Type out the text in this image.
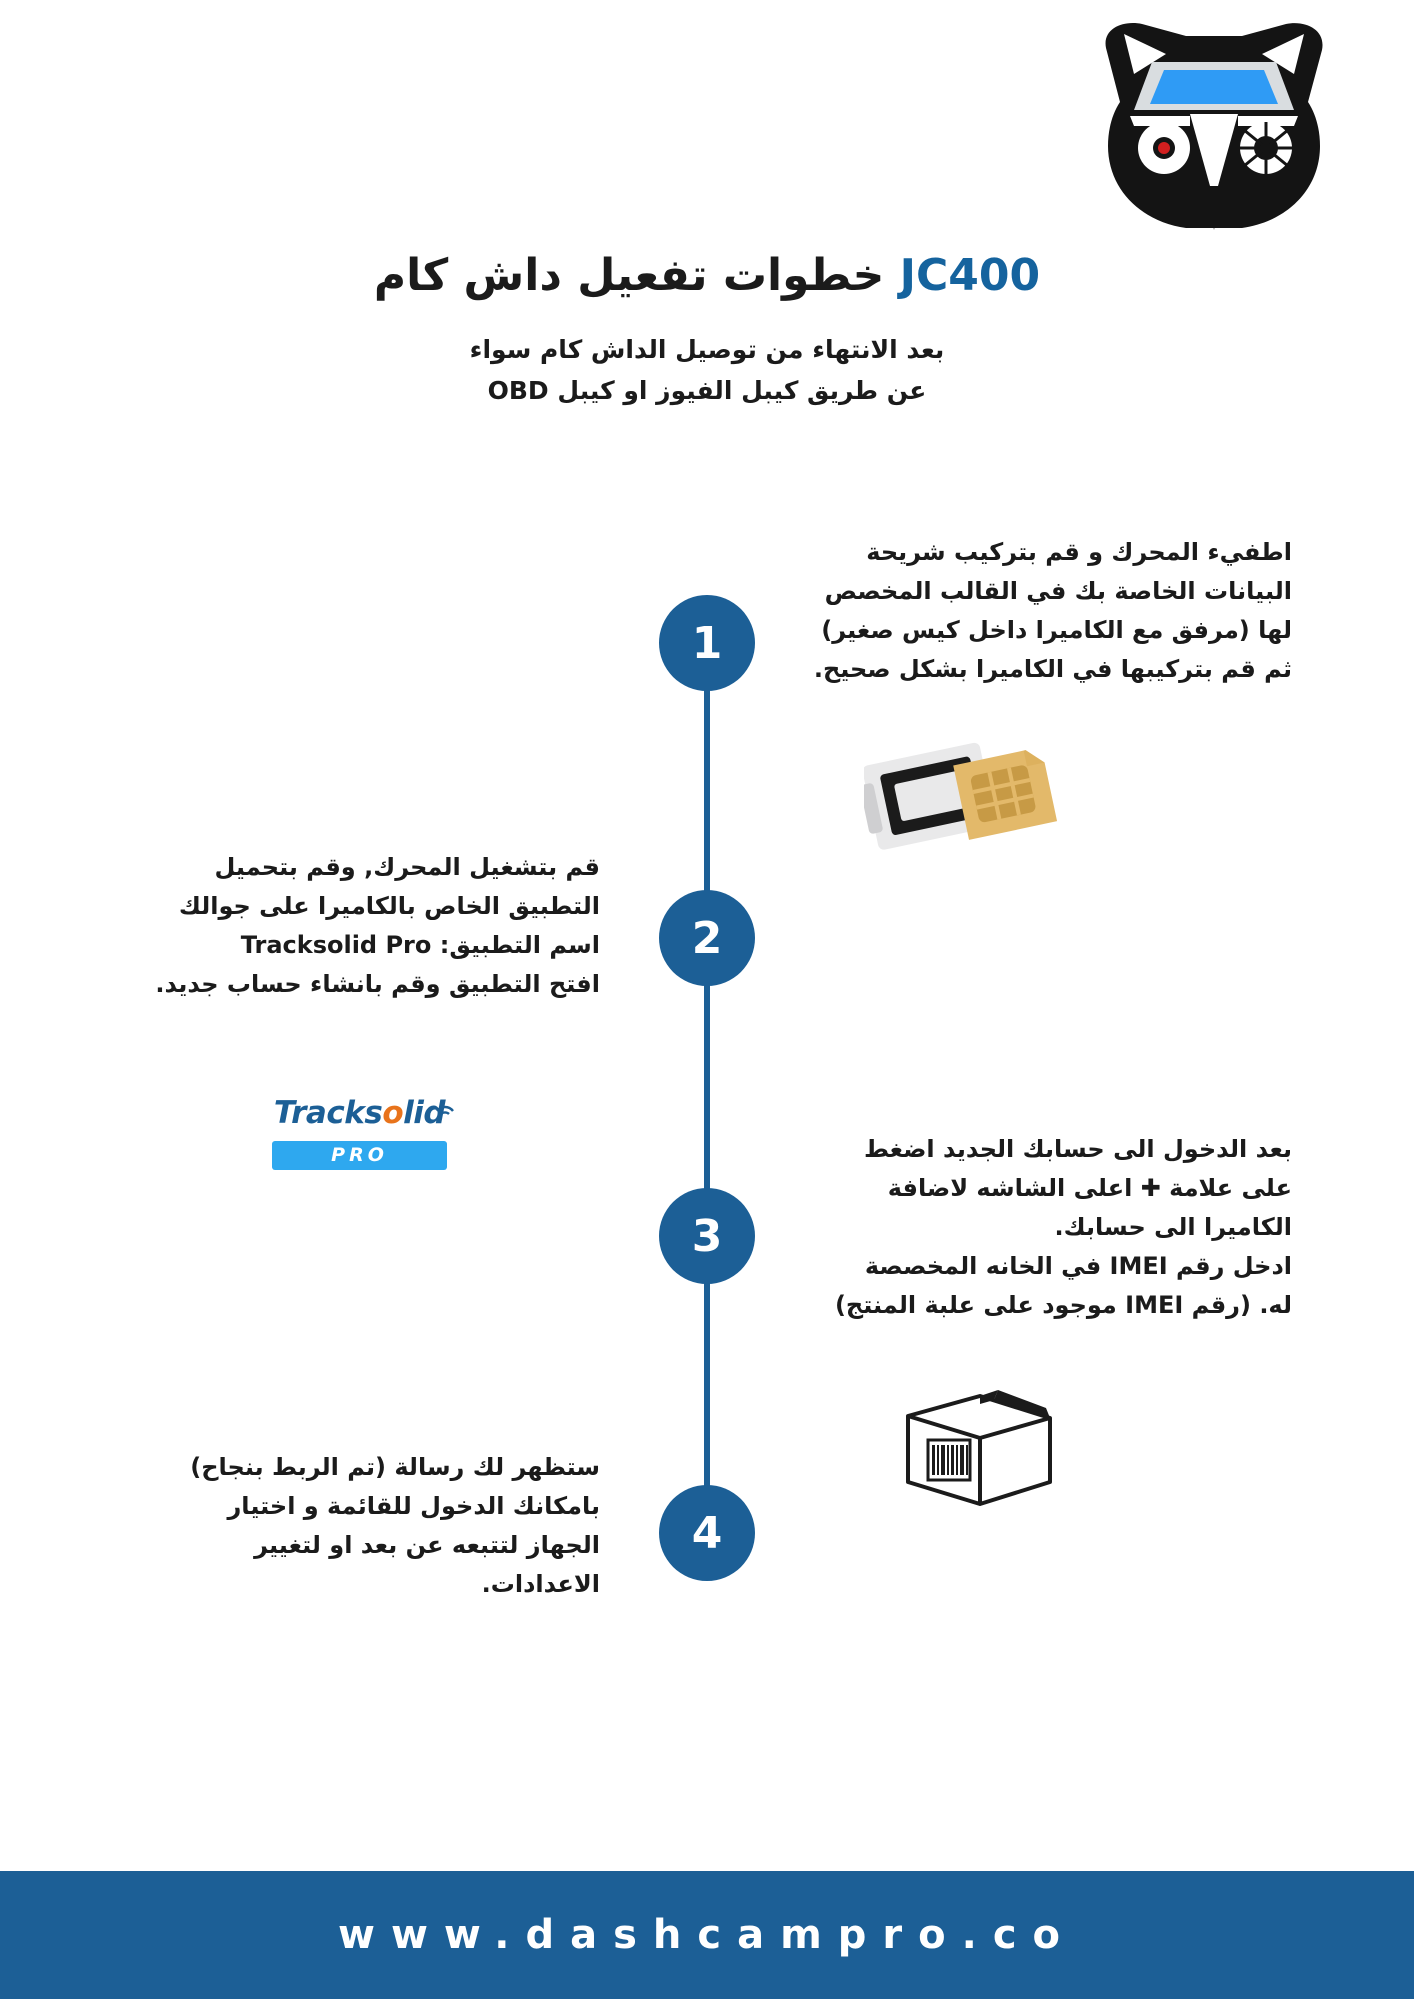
JC400 خطوات تفعيل داش كام
بعد الانتهاء من توصيل الداش كام سواء
عن طريق كيبل الفيوز او كيبل OBD
1
2
3
4
اطفيء المحرك و قم بتركيب شريحة
البيانات الخاصة بك في القالب المخصص
لها (مرفق مع الكاميرا داخل كيس صغير)
ثم قم بتركيبها في الكاميرا بشكل صحيح.
قم بتشغيل المحرك, وقم بتحميل
التطبيق الخاص بالكاميرا على جوالك
اسم التطبيق: Tracksolid Pro
افتح التطبيق وقم بانشاء حساب جديد.
Tracksolid
PRO	بعد الدخول الى حسابك الجديد اضغط
على علامة ✚ اعلى الشاشه لاضافة
الكاميرا الى حسابك.
ادخل رقم IMEI في الخانه المخصصة
له. (رقم IMEI موجود على علبة المنتج)
ستظهر لك رسالة (تم الربط بنجاح)
بامكانك الدخول للقائمة و اختيار
الجهاز لتتبعه عن بعد او لتغيير
الاعدادات.
www.dashcampro.co
